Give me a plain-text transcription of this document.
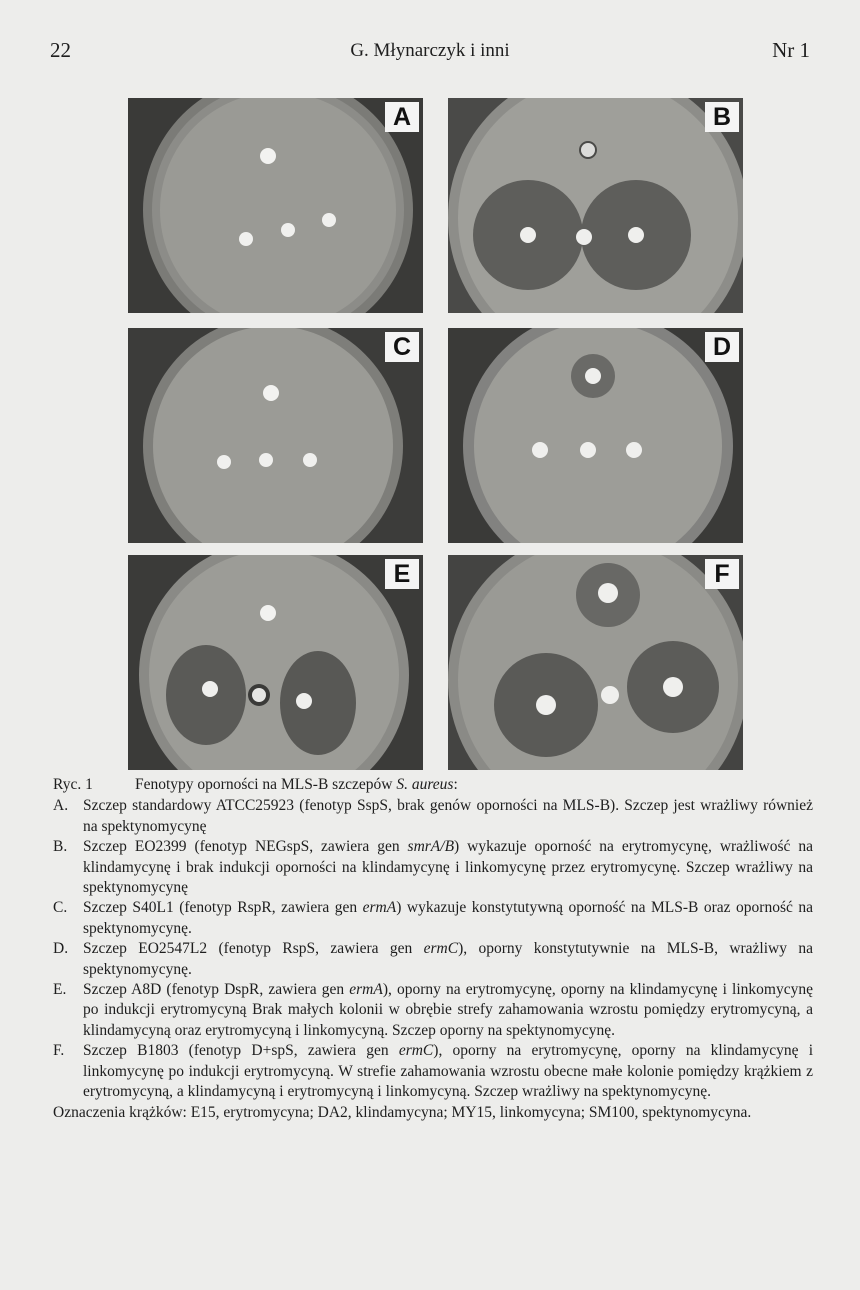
22	G. Młynarczyk i inni	Nr 1
A	B
C	D
E	F

Ryc. 1	Fenotypy oporności na MLS-B szczepów S. aureus:

A. Szczep standardowy ATCC25923 (fenotyp SspS, brak genów oporności na MLS-B). Szczep jest wrażliwy również na spektynomycynę
B.	Szczep EO2399 (fenotyp NEGspS, zawiera gen smrA/B) wykazuje oporność na erytromycynę, wrażliwość na klindamycynę i brak indukcji oporności na klindamycynę i linkomycynę przez erytromycynę. Szczep wrażliwy na spektynomycynę
C.	Szczep S40L1 (fenotyp RspR, zawiera gen ermA) wykazuje konstytutywną oporność na MLS-B oraz oporność na spektynomycynę.
D. Szczep EO2547L2 (fenotyp RspS, zawiera gen ermC), oporny konstytutywnie na MLS-B, wrażliwy na spektynomycynę.
E.	Szczep A8D (fenotyp DspR, zawiera gen ermA), oporny na erytromycynę, oporny na klindamycynę i linkomycynę po indukcji erytromycyną Brak małych kolonii w obrębie strefy zahamowania wzrostu pomiędzy erytromycyną, a klindamycyną oraz erytromycyną i linkomycyną. Szczep oporny na spektynomycynę.
F.	Szczep B1803 (fenotyp D+spS, zawiera gen ermC), oporny na erytromycynę, oporny na klindamycynę i linkomycynę po indukcji erytromycyną. W strefie zahamowania wzrostu obecne małe kolonie pomiędzy krążkiem z erytromycyną, a klindamycyną i erytromycyną i linkomycyną. Szczep wrażliwy na spektynomycynę.

Oznaczenia krążków: E15, erytromycyna; DA2, klindamycyna; MY15, linkomycyna; SM100, spektynomycyna.
